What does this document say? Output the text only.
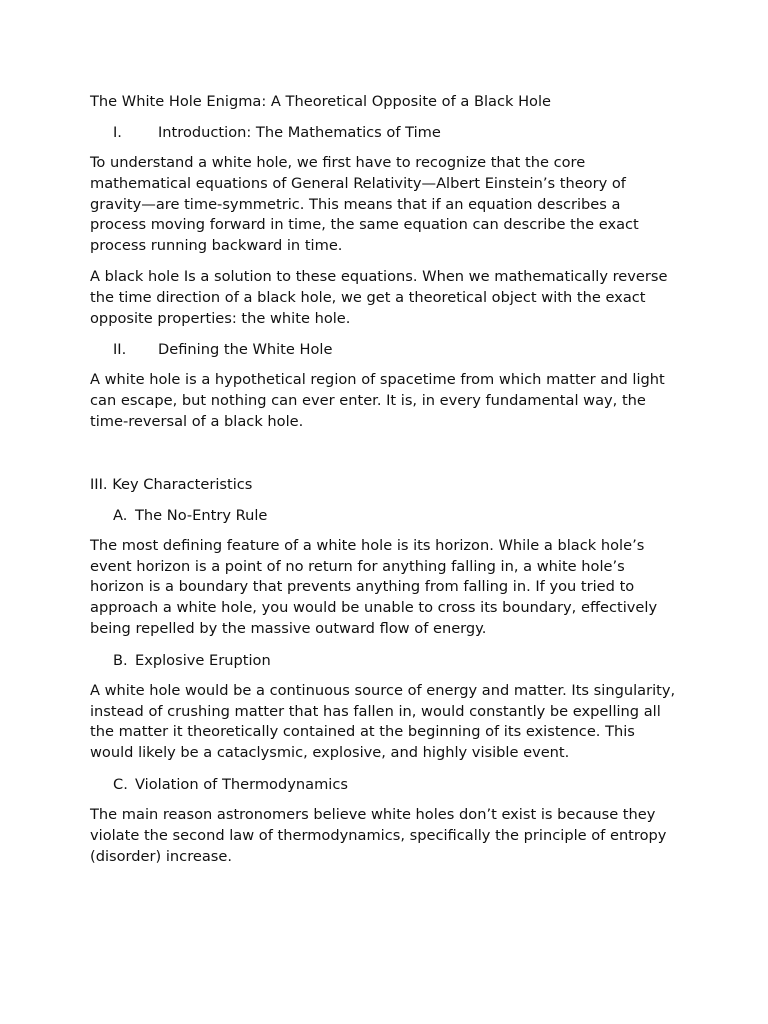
The White Hole Enigma: A Theoretical Opposite of a Black Hole
I.	Introduction: The Mathematics of Time

To understand a white hole, we first have to recognize that the core mathematical equations of General Relativity—Albert Einstein’s theory of gravity—are time-symmetric. This means that if an equation describes a process moving forward in time, the same equation can describe the exact process running backward in time.

A black hole Is a solution to these equations. When we mathematically reverse the time direction of a black hole, we get a theoretical object with the exact opposite properties: the white hole.

II.	Defining the White Hole

A white hole is a hypothetical region of spacetime from which matter and light can escape, but nothing can ever enter. It is, in every fundamental way, the time-reversal of a black hole.

III. Key Characteristics
A. The No-Entry Rule

The most defining feature of a white hole is its horizon. While a black hole’s event horizon is a point of no return for anything falling in, a white hole’s horizon is a boundary that prevents anything from falling in. If you tried to approach a white hole, you would be unable to cross its boundary, effectively being repelled by the massive outward flow of energy.

B. Explosive Eruption

A white hole would be a continuous source of energy and matter. Its singularity, instead of crushing matter that has fallen in, would constantly be expelling all the matter it theoretically contained at the beginning of its existence. This would likely be a cataclysmic, explosive, and highly visible event.

C. Violation of Thermodynamics

The main reason astronomers believe white holes don’t exist is because they violate the second law of thermodynamics, specifically the principle of entropy (disorder) increase.
